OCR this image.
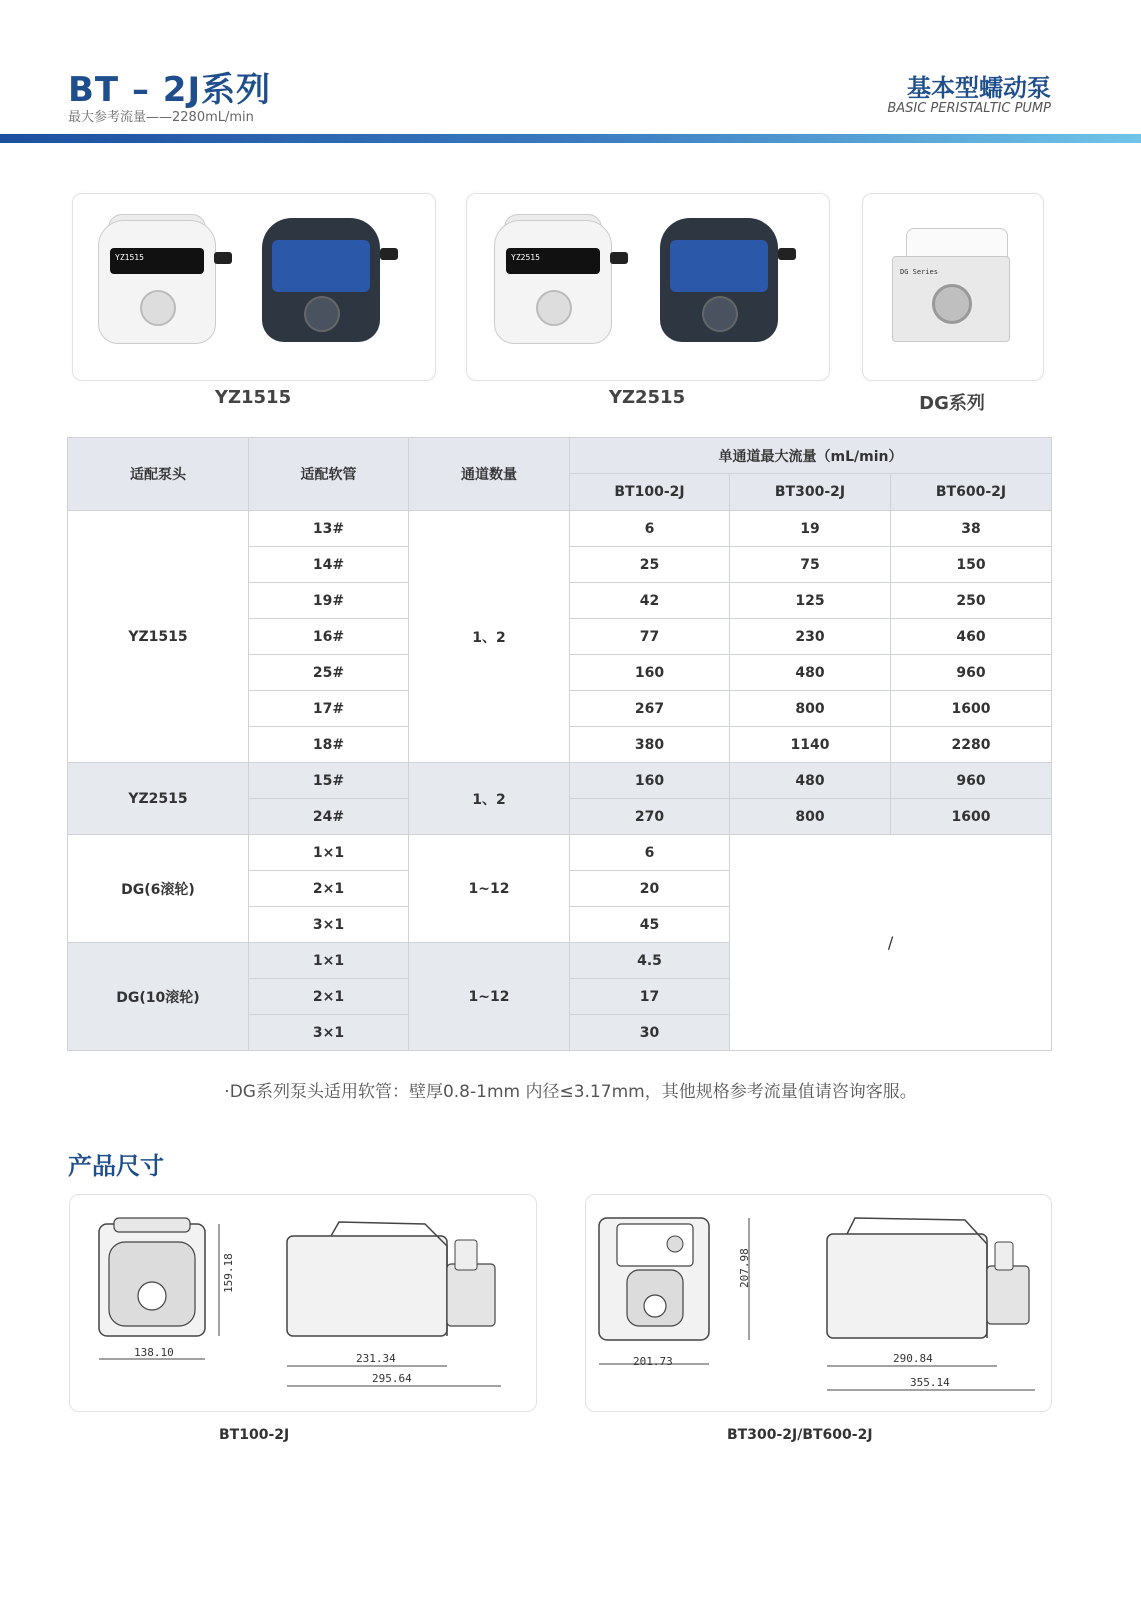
BT – 2J系列
最大参考流量——2280mL/min
基本型蠕动泵
BASIC PERISTALTIC PUMP
YZ1515
YZ1515
YZ2515
YZ2515
DG Series
DG系列
适配泵头	适配软管	通道数量	单通道最大流量（mL/min）		
			BT100-2J	BT300-2J	BT600-2J
YZ1515	13#	1、2	6	19	38
	14#		25	75	150
	19#		42	125	250
	16#		77	230	460
	25#		160	480	960
	17#		267	800	1600
	18#		380	1140	2280
YZ2515	15#	1、2	160	480	960
	24#		270	800	1600
DG(6滚轮)	1×1	1~12	6	/	
	2×1		20		
	3×1		45		
DG(10滚轮)	1×1	1~12	4.5		
	2×1		17		
	3×1		30		
·DG系列泵头适用软管：壁厚0.8-1mm 内径≤3.17mm，其他规格参考流量值请咨询客服。
产品尺寸
138.10
159.18
231.34
295.64
BT100-2J
201.73
207.98
290.84
355.14
BT300-2J/BT600-2J
